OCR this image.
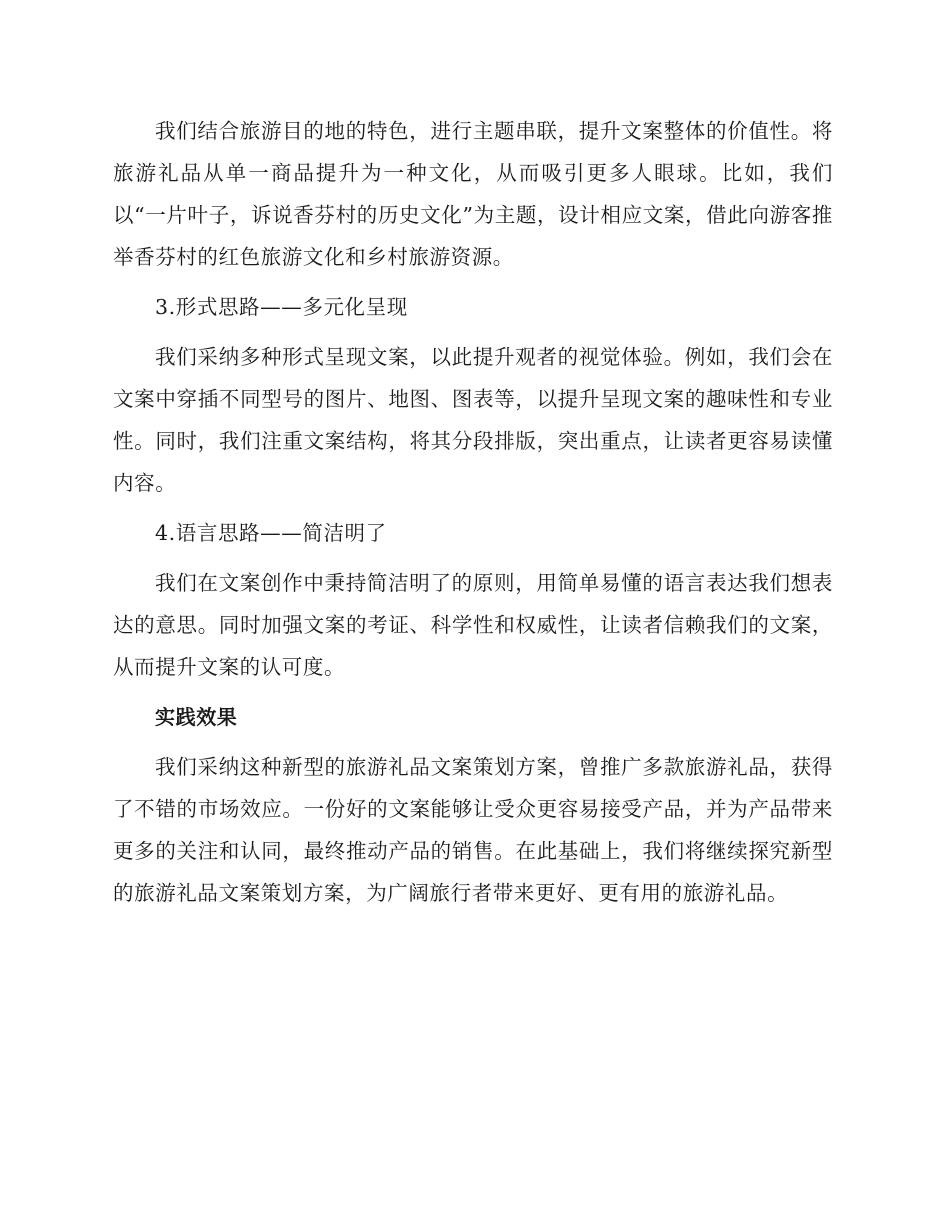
我们结合旅游目的地的特色，进行主题串联，提升文案整体的价值性。将旅游礼品从单一商品提升为一种文化，从而吸引更多人眼球。比如，我们以“一片叶子，诉说香芬村的历史文化”为主题，设计相应文案，借此向游客推举香芬村的红色旅游文化和乡村旅游资源。

3.形式思路——多元化呈现

我们采纳多种形式呈现文案，以此提升观者的视觉体验。例如，我们会在文案中穿插不同型号的图片、地图、图表等，以提升呈现文案的趣味性和专业性。同时，我们注重文案结构，将其分段排版，突出重点，让读者更容易读懂内容。

4.语言思路——简洁明了

我们在文案创作中秉持简洁明了的原则，用简单易懂的语言表达我们想表达的意思。同时加强文案的考证、科学性和权威性，让读者信赖我们的文案，从而提升文案的认可度。

实践效果

我们采纳这种新型的旅游礼品文案策划方案，曾推广多款旅游礼品，获得了不错的市场效应。一份好的文案能够让受众更容易接受产品，并为产品带来更多的关注和认同，最终推动产品的销售。在此基础上，我们将继续探究新型的旅游礼品文案策划方案，为广阔旅行者带来更好、更有用的旅游礼品。
